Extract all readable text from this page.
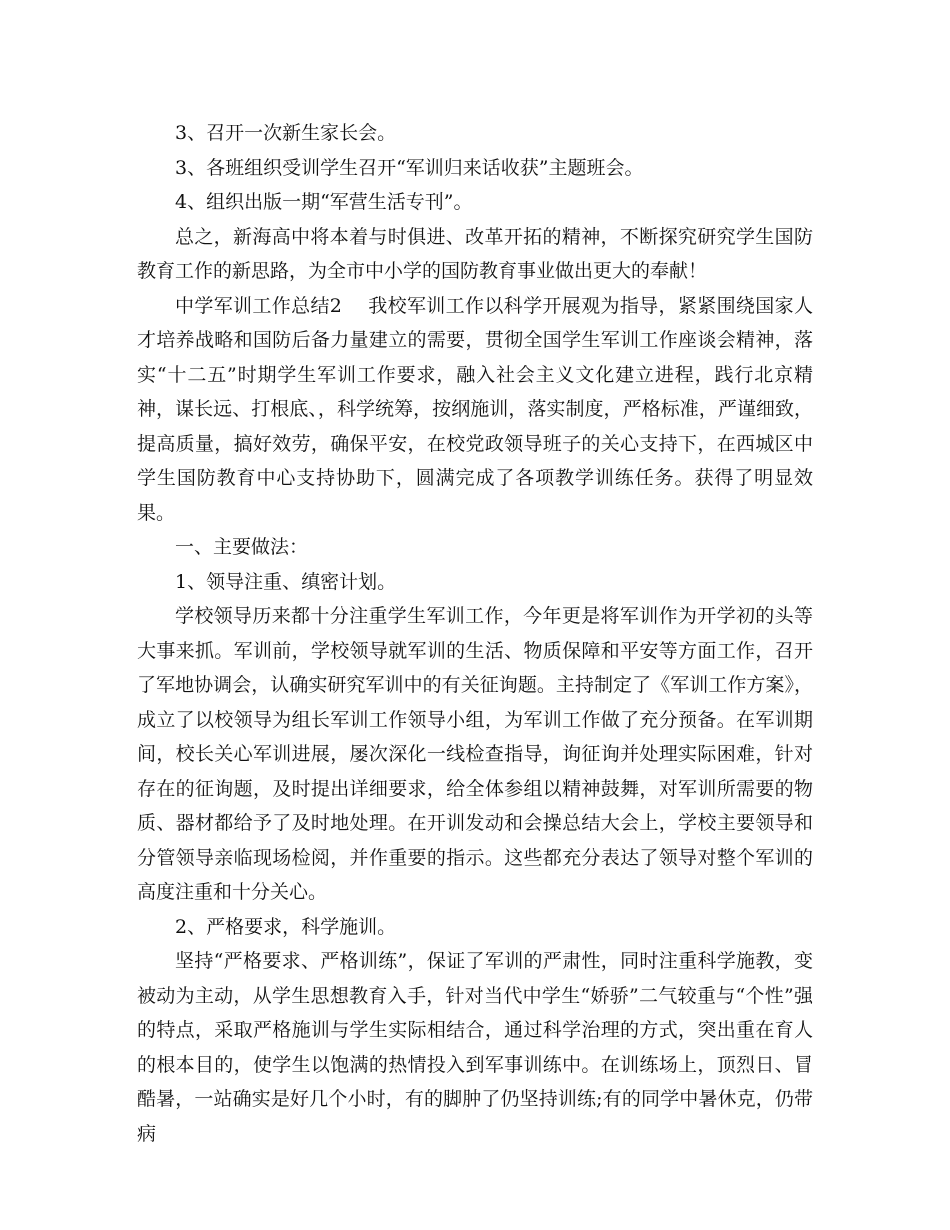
3、召开一次新生家长会。

3、各班组织受训学生召开“军训归来话收获”主题班会。

4、组织出版一期“军营生活专刊”。

总之，新海高中将本着与时俱进、改革开拓的精神，不断探究研究学生国防教育工作的新思路，为全市中小学的国防教育事业做出更大的奉献！

中学军训工作总结2 我校军训工作以科学开展观为指导，紧紧围绕国家人才培养战略和国防后备力量建立的需要，贯彻全国学生军训工作座谈会精神，落实“十二五”时期学生军训工作要求，融入社会主义文化建立进程，践行北京精神，谋长远、打根底、，科学统筹，按纲施训，落实制度，严格标准，严谨细致，提高质量，搞好效劳，确保平安，在校党政领导班子的关心支持下，在西城区中学生国防教育中心支持协助下，圆满完成了各项教学训练任务。获得了明显效果。

一、主要做法：

1、领导注重、缜密计划。

学校领导历来都十分注重学生军训工作，今年更是将军训作为开学初的头等大事来抓。军训前，学校领导就军训的生活、物质保障和平安等方面工作，召开了军地协调会，认确实研究军训中的有关征询题。主持制定了《军训工作方案》，成立了以校领导为组长军训工作领导小组，为军训工作做了充分预备。在军训期间，校长关心军训进展，屡次深化一线检查指导，询征询并处理实际困难，针对存在的征询题，及时提出详细要求，给全体参组以精神鼓舞，对军训所需要的物质、器材都给予了及时地处理。在开训发动和会操总结大会上，学校主要领导和分管领导亲临现场检阅，并作重要的指示。这些都充分表达了领导对整个军训的高度注重和十分关心。

2、严格要求，科学施训。

坚持“严格要求、严格训练”，保证了军训的严肃性，同时注重科学施教，变被动为主动，从学生思想教育入手，针对当代中学生“娇骄”二气较重与“个性”强的特点，采取严格施训与学生实际相结合，通过科学治理的方式，突出重在育人的根本目的，使学生以饱满的热情投入到军事训练中。在训练场上，顶烈日、冒酷暑，一站确实是好几个小时，有的脚肿了仍坚持训练;有的同学中暑休克，仍带病
